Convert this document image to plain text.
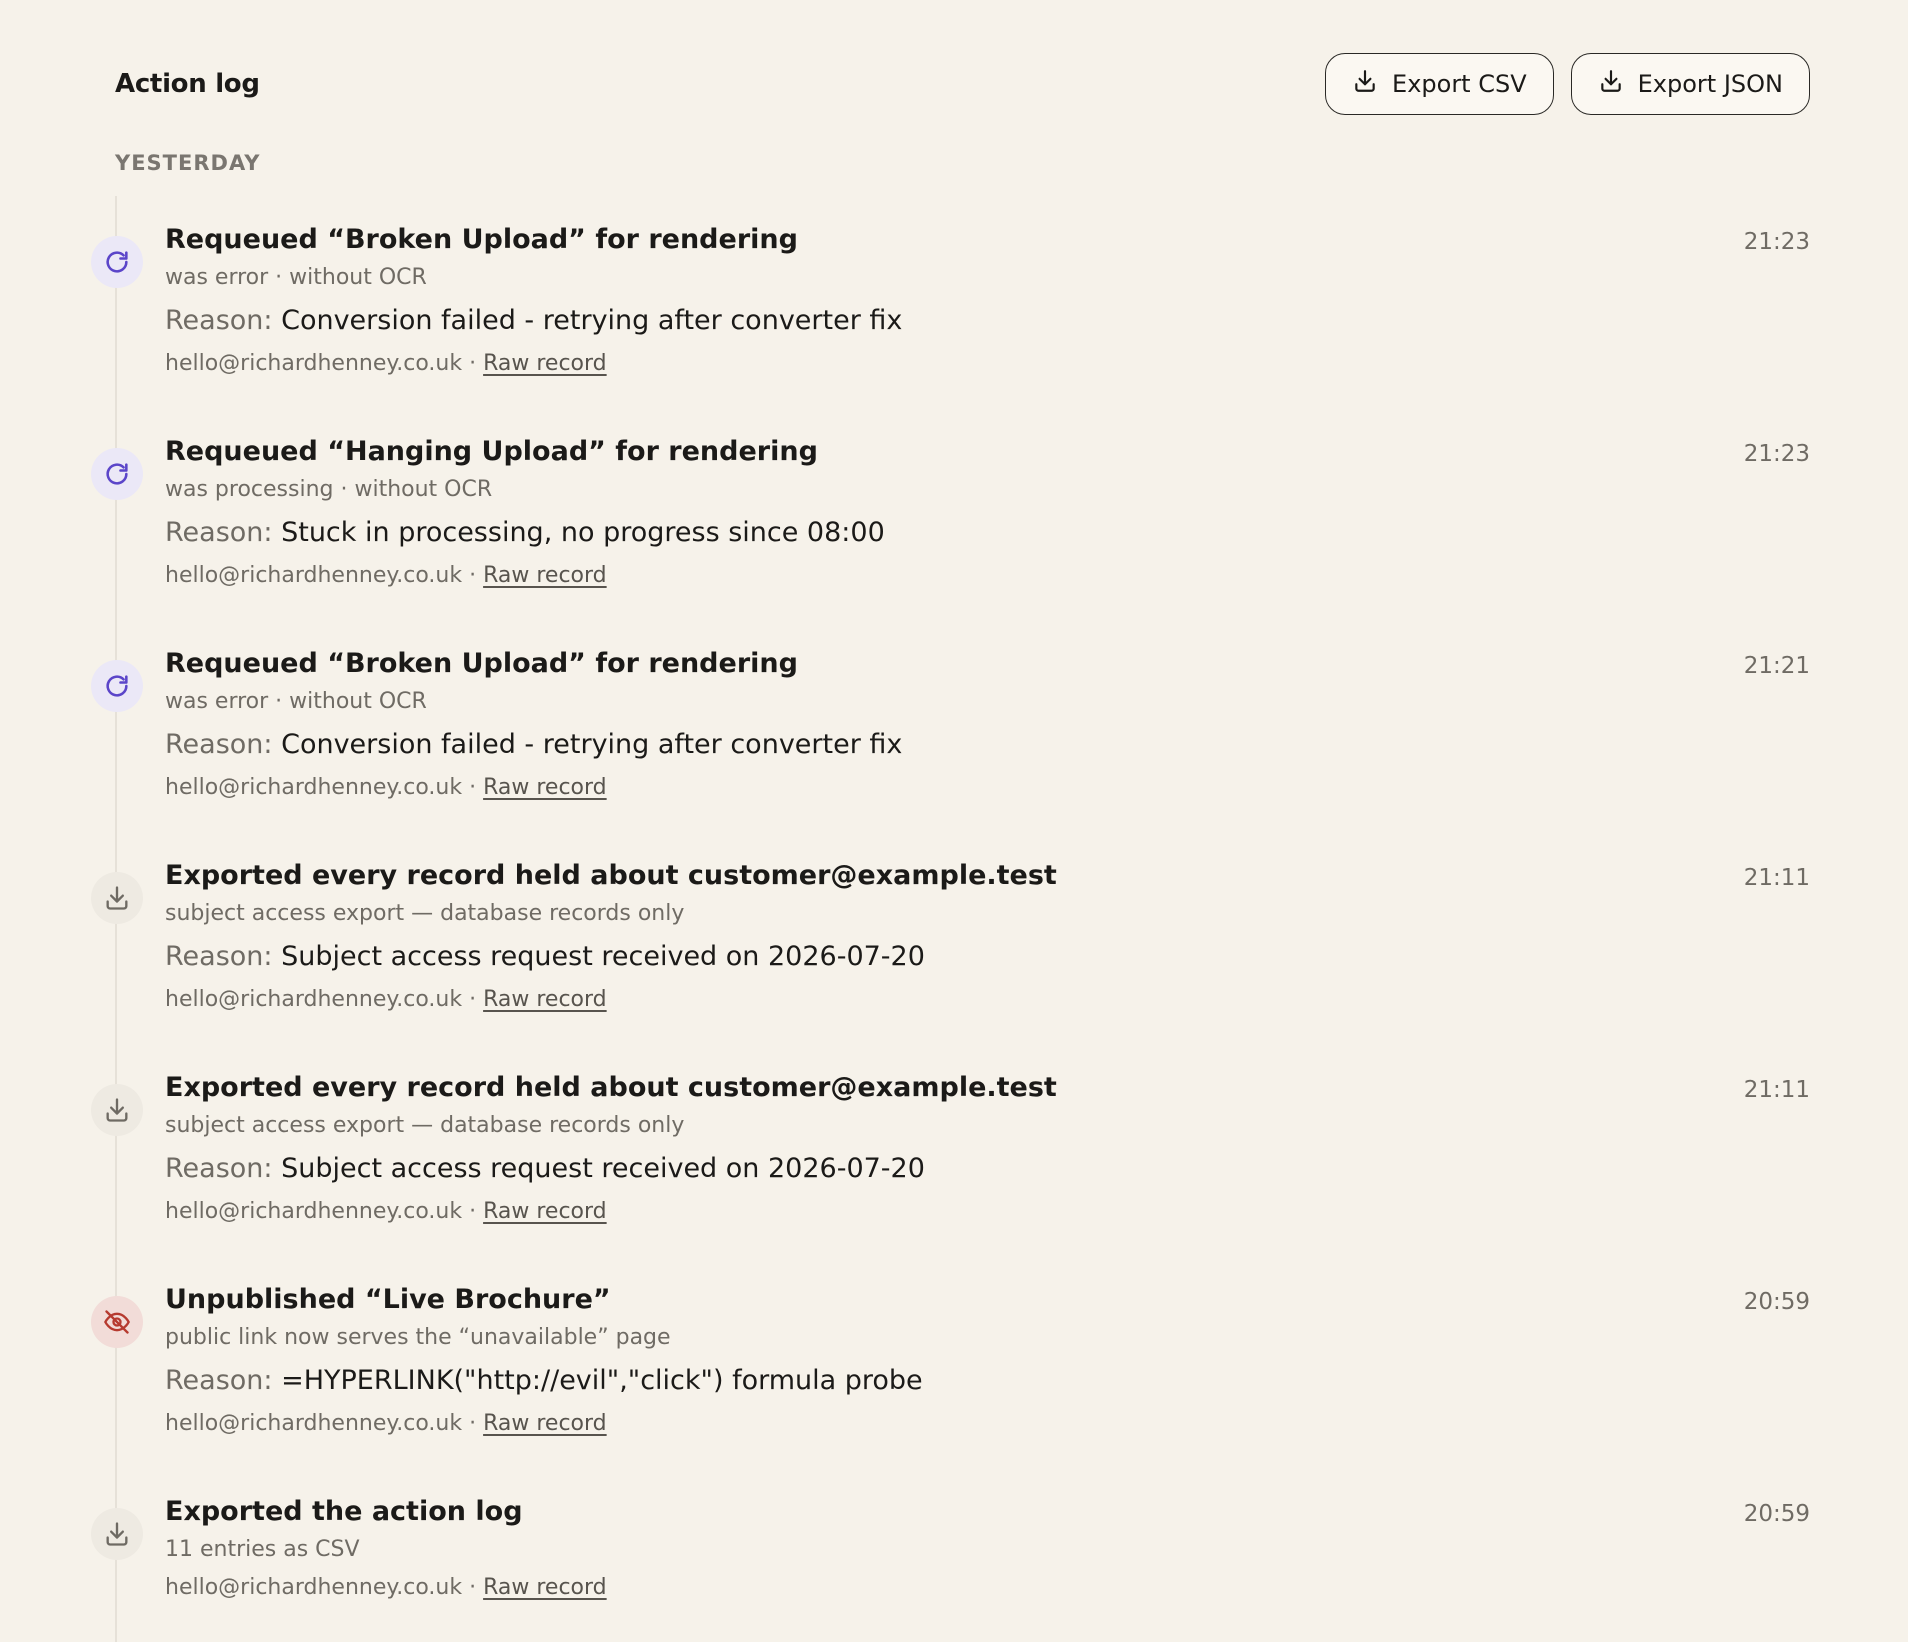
Action log	Export CSV	Export JSON
YESTERDAY
Requeued “Broken Upload” for rendering
was error · without OCR
Reason: Conversion failed - retrying after converter fix
hello@richardhenney.co.uk · Raw record
21:23
Requeued “Hanging Upload” for rendering
was processing · without OCR
Reason: Stuck in processing, no progress since 08:00
hello@richardhenney.co.uk · Raw record
21:23
Requeued “Broken Upload” for rendering
was error · without OCR
Reason: Conversion failed - retrying after converter fix
hello@richardhenney.co.uk · Raw record
21:21
Exported every record held about customer@example.test
subject access export — database records only
Reason: Subject access request received on 2026-07-20
hello@richardhenney.co.uk · Raw record
21:11
Exported every record held about customer@example.test
subject access export — database records only
Reason: Subject access request received on 2026-07-20
hello@richardhenney.co.uk · Raw record
21:11
Unpublished “Live Brochure”
public link now serves the “unavailable” page
Reason: =HYPERLINK("http://evil","click") formula probe
hello@richardhenney.co.uk · Raw record
20:59
Exported the action log
11 entries as CSV
hello@richardhenney.co.uk · Raw record
20:59
